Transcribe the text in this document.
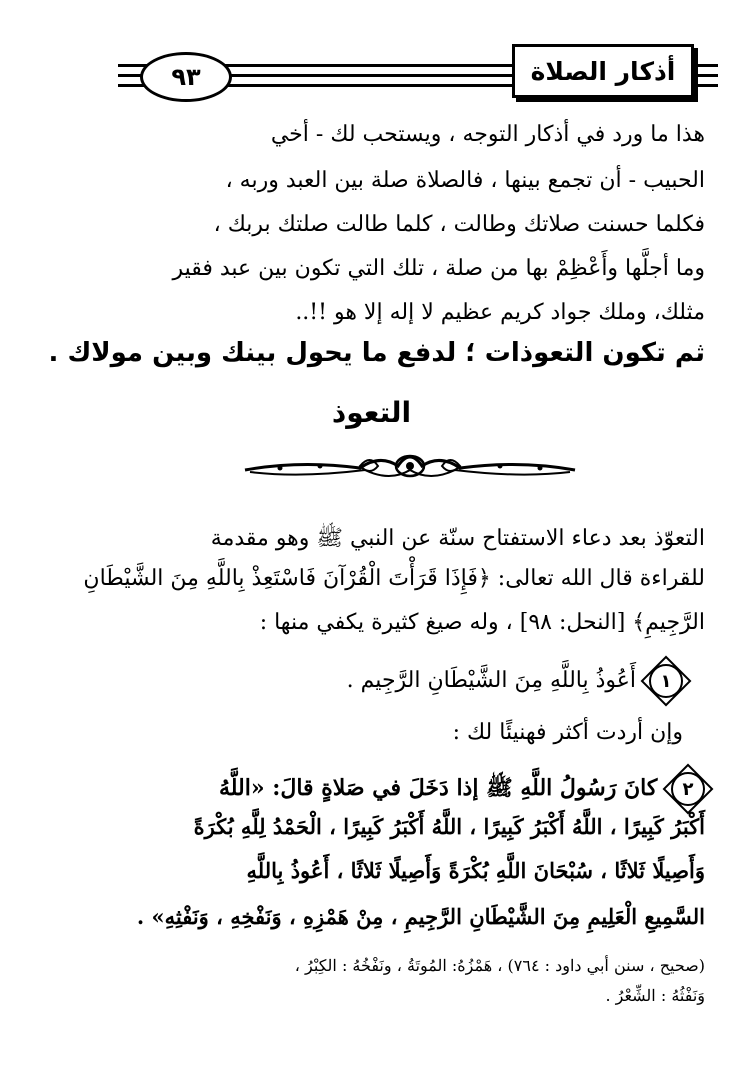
٩٣	أذكار الصلاة
هذا ما ورد في أذكار التوجه ، ويستحب لك - أخي
الحبيب - أن تجمع بينها ، فالصلاة صلة بين العبد وربه ،
فكلما حسنت صلاتك وطالت ، كلما طالت صلتك بربك ،
وما أجلَّها وأَعْظِمْ بها من صلة ، تلك التي تكون بين عبد فقير
مثلك، وملك جواد كريم عظيم لا إله إلا هو !!..
ثم تكون التعوذات ؛ لدفع ما يحول بينك وبين مولاك .
التعوذ
التعوّذ بعد دعاء الاستفتاح سنّة عن النبي ﷺ وهو مقدمة
للقراءة قال الله تعالى: ﴿فَإِذَا قَرَأْتَ الْقُرْآنَ فَاسْتَعِذْ بِاللَّهِ مِنَ الشَّيْطَانِ
الرَّجِيمِ﴾ [النحل: ٩٨] ، وله صيغ كثيرة يكفي منها :
١ أَعُوذُ بِاللَّهِ مِنَ الشَّيْطَانِ الرَّجِيم .
وإن أردت أكثر فهنيئًا لك :
٢ كانَ رَسُولُ اللَّهِ ﷺ إذا دَخَلَ في صَلاةٍ قالَ: «اللَّهُ
أَكْبَرُ كَبِيرًا ، اللَّهُ أَكْبَرُ كَبِيرًا ، اللَّهُ أَكْبَرُ كَبِيرًا ، الْحَمْدُ لِلَّهِ بُكْرَةً
وَأَصِيلًا ثَلاثًا ، سُبْحَانَ اللَّهِ بُكْرَةً وَأَصِيلًا ثَلاثًا ، أَعُوذُ بِاللَّهِ
السَّمِيعِ الْعَلِيمِ مِنَ الشَّيْطَانِ الرَّجِيمِ ، مِنْ هَمْزِهِ ، وَنَفْخِهِ ، وَنَفْثِهِ» .
(صحيح ، سنن أبي داود : ٧٦٤) ، هَمْزُهُ: المُوتَةُ ، ونَفْخُهُ : الكِبْرُ ،
وَنَفْثُهُ : الشِّعْرُ .
